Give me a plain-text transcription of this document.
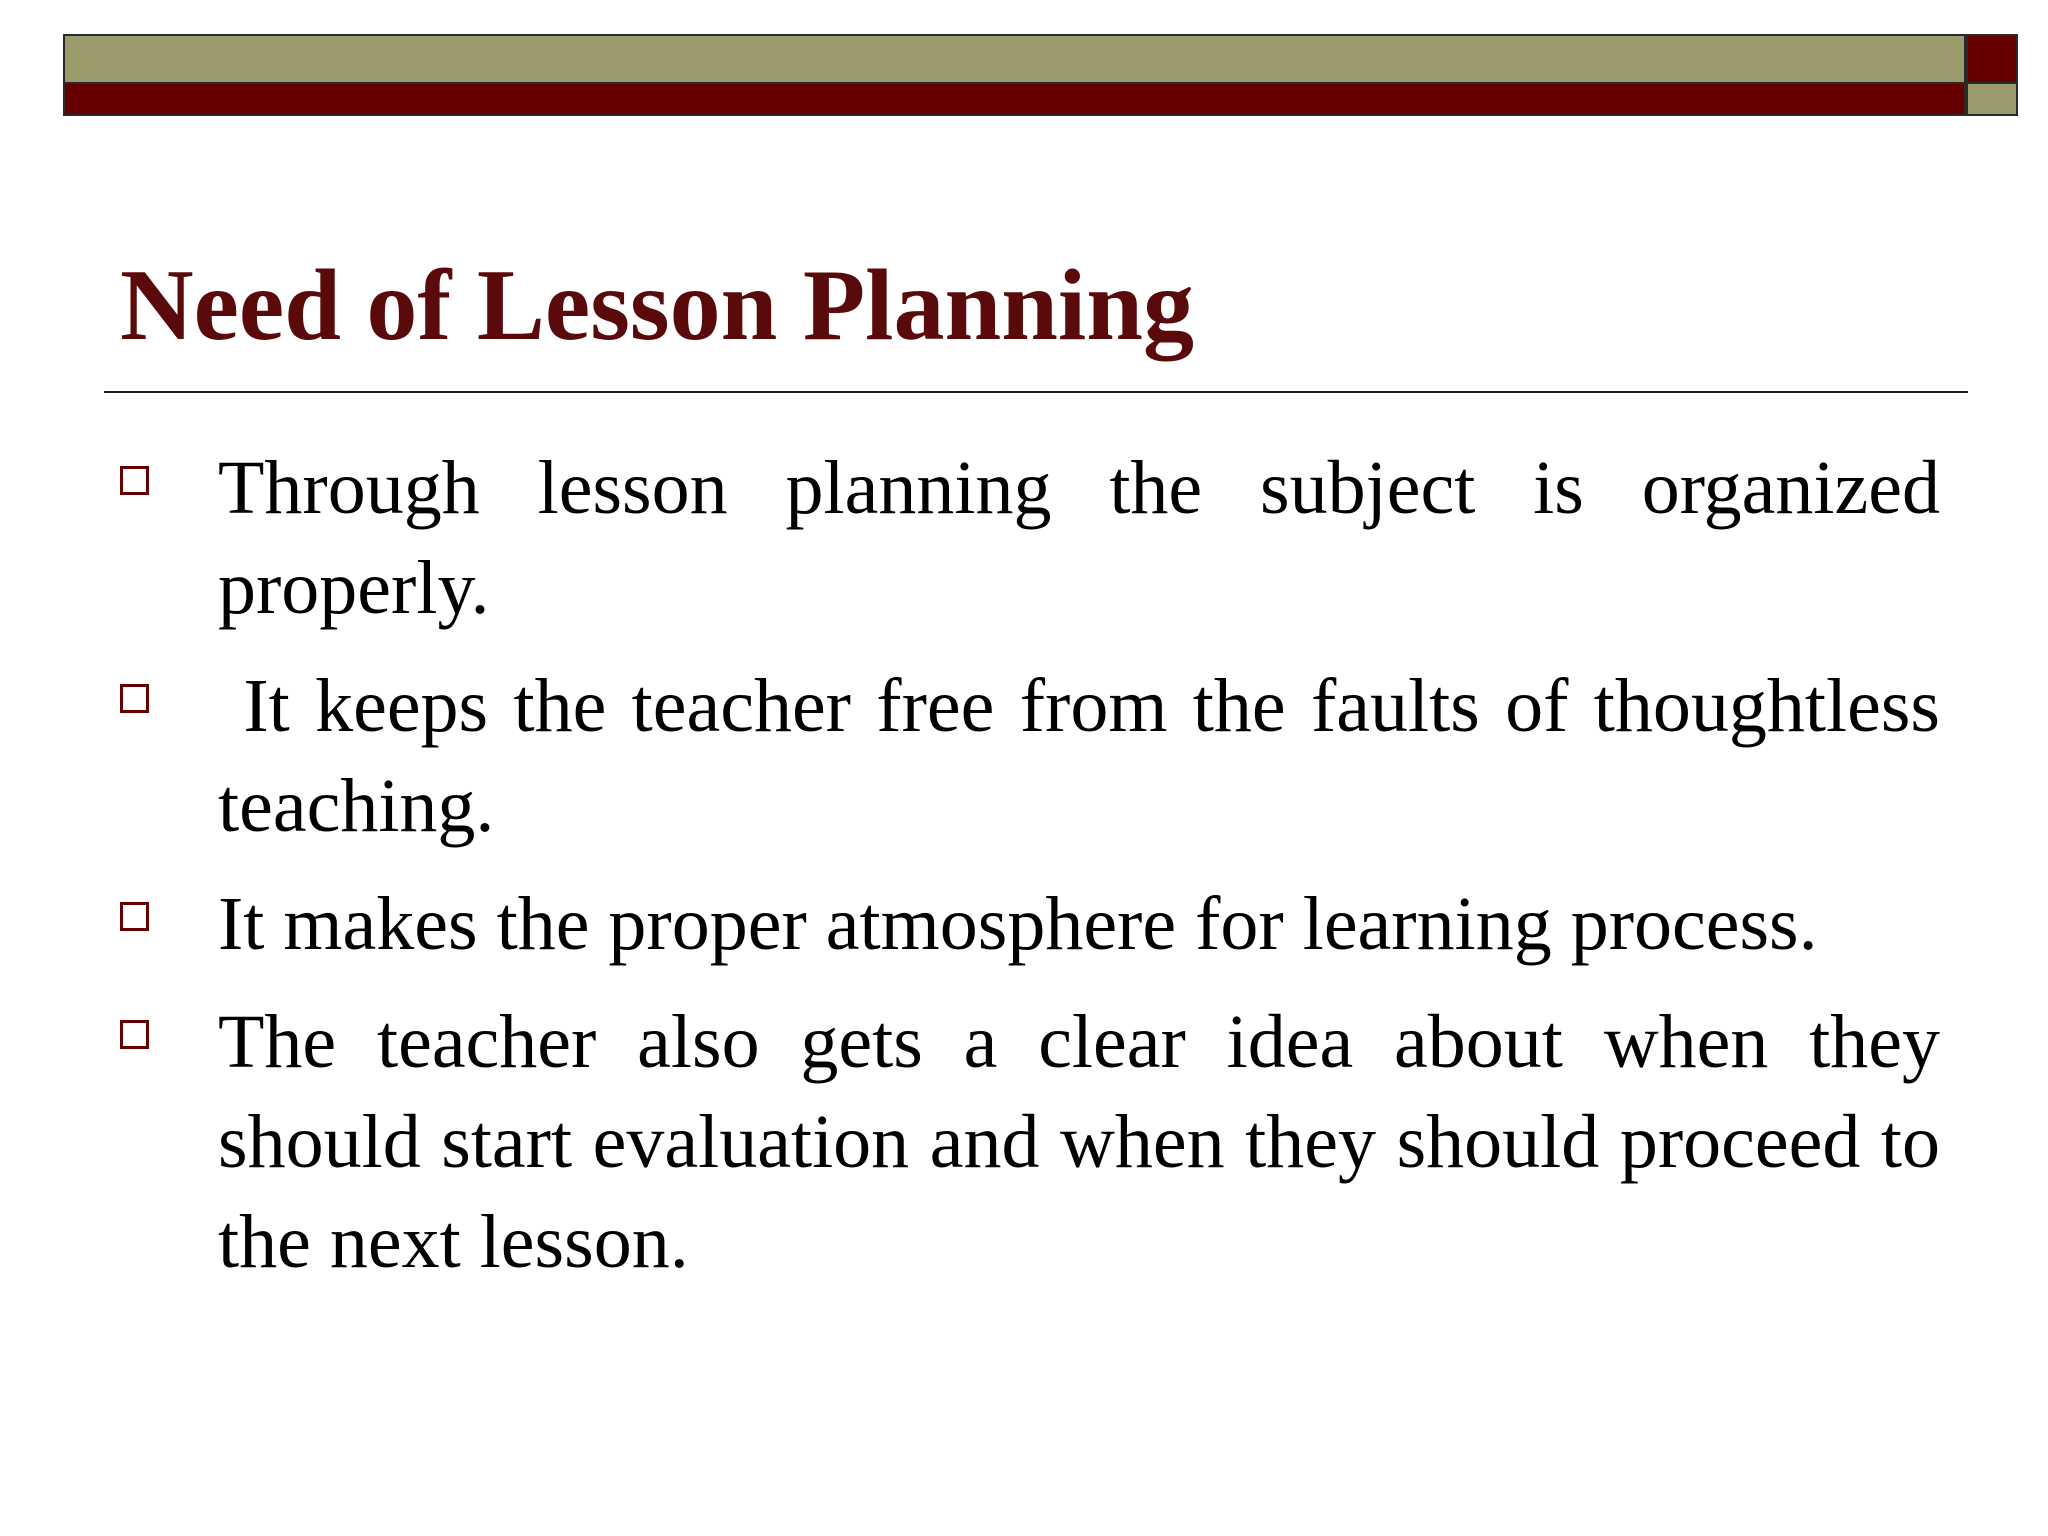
Need of Lesson Planning
Through lesson planning the subject is organized properly.
It keeps the teacher free from the faults of thoughtless teaching.
It makes the proper atmosphere for learning process.
The teacher also gets a clear idea about when they should start evaluation and when they should proceed to the next lesson.
